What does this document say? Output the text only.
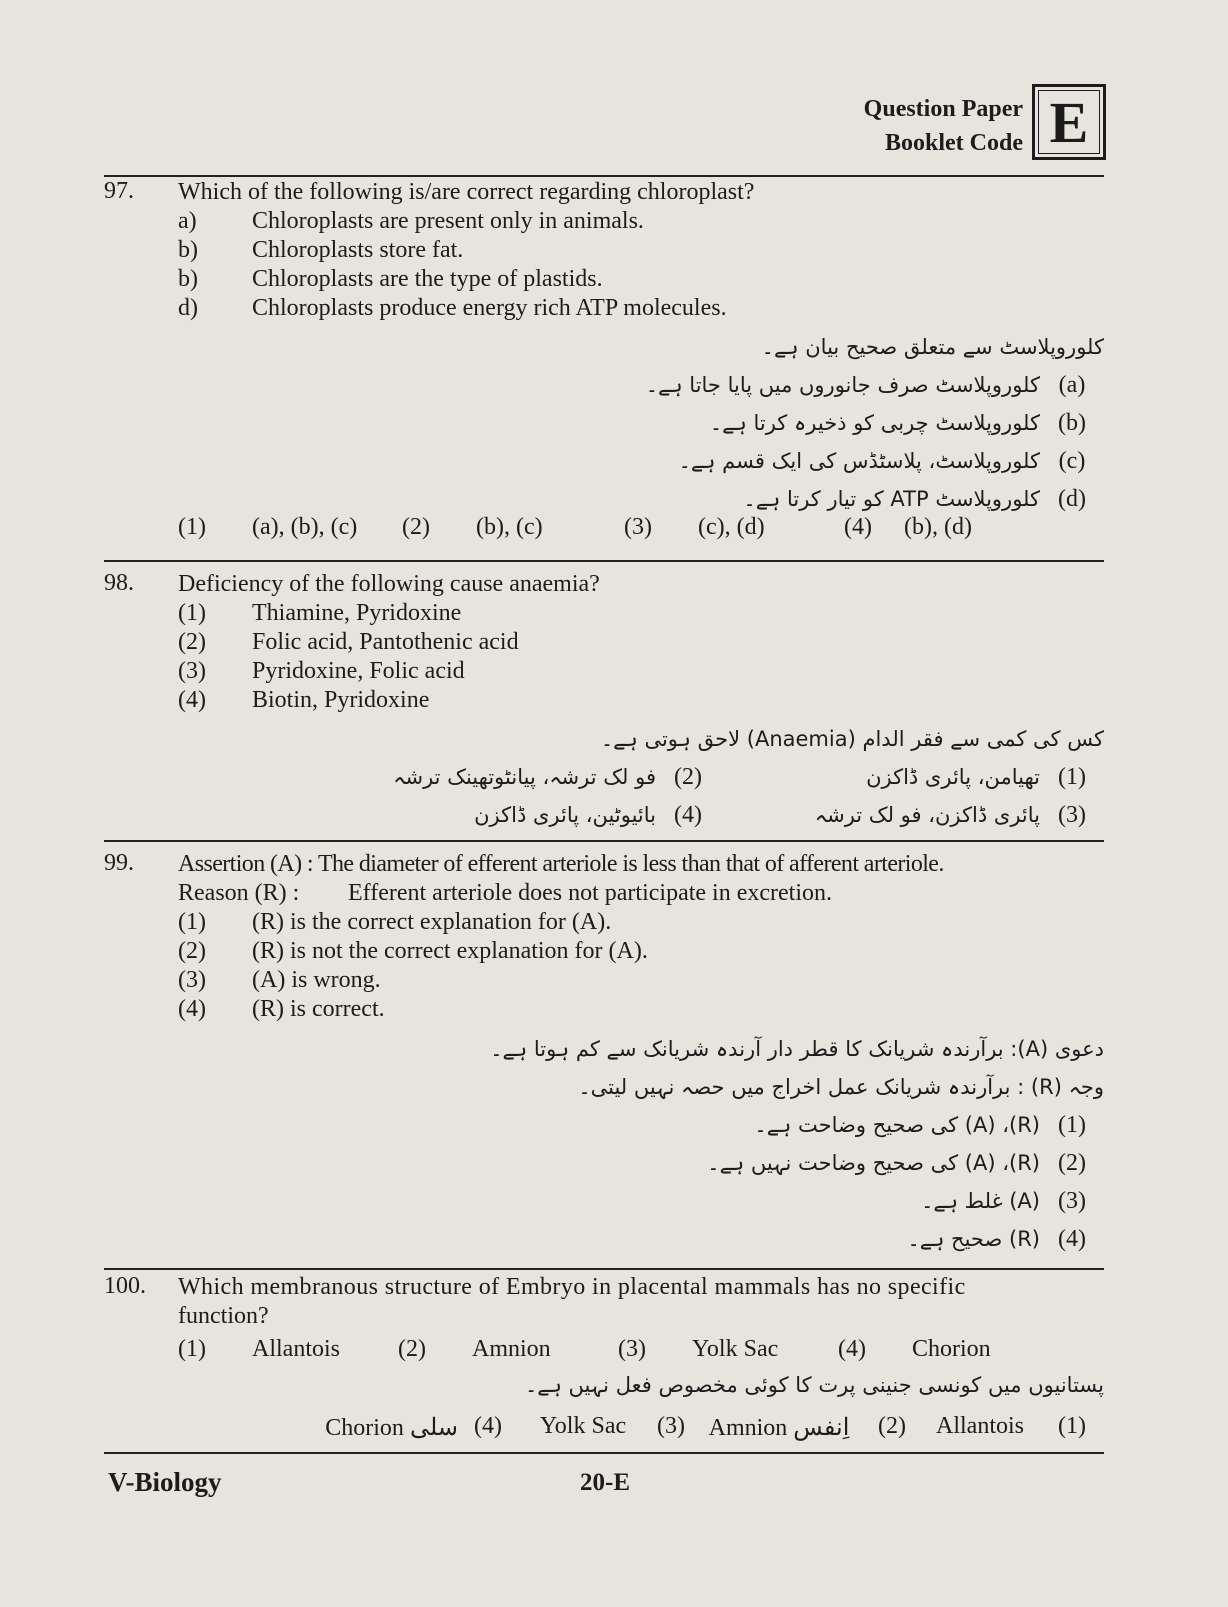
Question Paper
Booklet Code E
97. Which of the following is/are correct regarding chloroplast?
a)	Chloroplasts are present only in animals.
b)	Chloroplasts store fat.
b)	Chloroplasts are the type of plastids.
d)	Chloroplasts produce energy rich ATP molecules.
کلوروپلاسٹ سے متعلق صحیح بیان ہے۔
(a)
کلوروپلاسٹ صرف جانوروں میں پایا جاتا ہے۔
(b)
کلوروپلاسٹ چربی کو ذخیرہ کرتا ہے۔
(c)
کلوروپلاسٹ، پلاسٹڈس کی ایک قسم ہے۔
(d)
کلوروپلاسٹ ATP کو تیار کرتا ہے۔
(1)	(a), (b), (c)	(2)	(b), (c)	(3)	(c), (d)	(4)	(b), (d)
98. Deficiency of the following cause anaemia?
(1)	Thiamine, Pyridoxine
(2)	Folic acid, Pantothenic acid
(3)	Pyridoxine, Folic acid
(4)	Biotin, Pyridoxine
کس کی کمی سے فقر الدام (Anaemia) لاحق ہوتی ہے۔
(1)
تھیامن، پائری ڈاکزن
(2)
فو لک ترشہ، پیانٹوتھینک ترشہ
(3)
پائری ڈاکزن، فو لک ترشہ
(4)
بائیوٹین، پائری ڈاکزن
99. Assertion (A) : The diameter of efferent arteriole is less than that of afferent arteriole.
Reason (R) :	Efferent arteriole does not participate in excretion.
(1)	(R) is the correct explanation for (A).
(2)	(R) is not the correct explanation for (A).
(3)	(A) is wrong.
(4)	(R) is correct.
دعوی (A): برآرندہ شریانک کا قطر دار آرندہ شریانک سے کم ہوتا ہے۔
وجہ (R) : برآرندہ شریانک عمل اخراج میں حصہ نہیں لیتی۔
(1)
(R)، (A) کی صحیح وضاحت ہے۔
(2)
(R)، (A) کی صحیح وضاحت نہیں ہے۔
(3)
(A) غلط ہے۔
(4)
(R) صحیح ہے۔
100. Which membranous structure of Embryo in placental mammals has no specific
function?
(1)	Allantois	(2)	Amnion	(3)	Yolk Sac	(4)	Chorion
پستانیوں میں کونسی جنینی پرت کا کوئی مخصوص فعل نہیں ہے۔
(1)
Allantois
(2)
Amnion اِنفس
(3)
Yolk Sac
(4)
Chorion سلی
V-Biology	20-E
